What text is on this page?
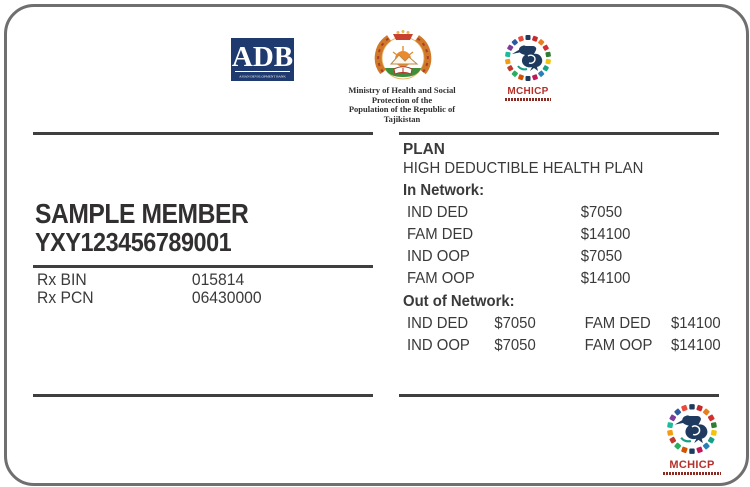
ADB
ASIAN DEVELOPMENT BANK
Ministry of Health and Social
Protection of the
Population of the Republic of
Tajikistan
MCHICP
SAMPLE MEMBER
YXY123456789001
Rx BIN	015814
Rx PCN	06430000
PLAN
HIGH DEDUCTIBLE HEALTH PLAN
In Network:
IND DED	$7050
FAM DED	$14100
IND OOP	$7050
FAM OOP	$14100
Out of Network:
IND DED	$7050	FAM DED	$14100
IND OOP	$7050	FAM OOP	$14100
MCHICP
